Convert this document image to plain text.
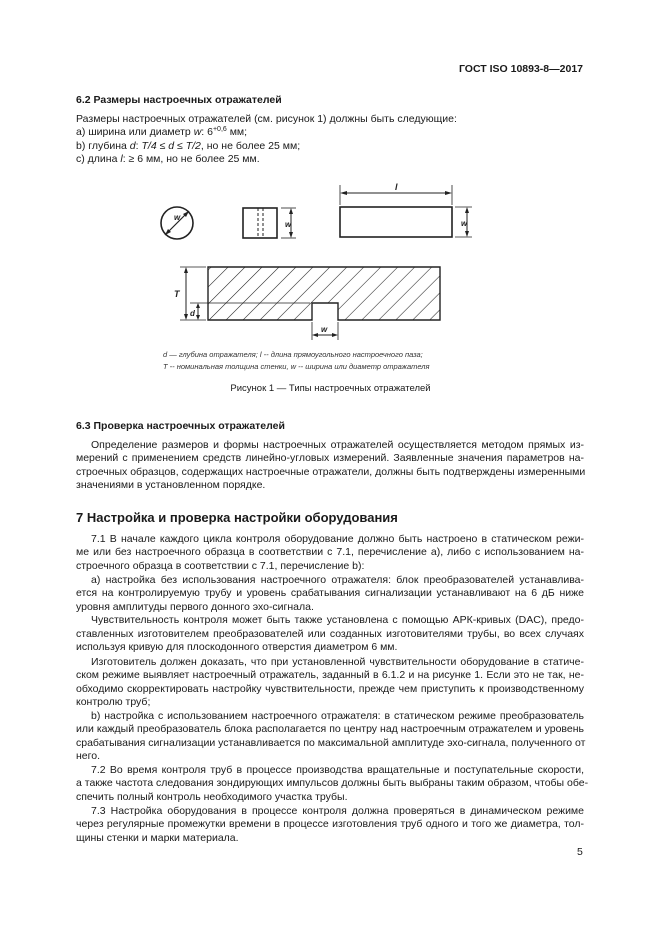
ГОСТ ISO 10893-8—2017
6.2 Размеры настроечных отражателей
Размеры настроечных отражателей (см. рисунок 1) должны быть следующие:
а) ширина или диаметр w: $6^{+0,6}$ мм;
b) глубина d: T/4 ≤ d ≤ T/2, но не более 25 мм;
с) длина l: ≥ 6 мм, но не более 25 мм.
w
w
l
w
T
d
w
d — глубина отражателя; l -- длина прямоугольного настроечного паза;
T -- номинальная толщина стенки, w -- ширина или диаметр отражателя
Рисунок 1 — Типы настроечных отражателей
6.3 Проверка настроечных отражателей
Определение размеров и формы настроечных отражателей осуществляется методом прямых из-
мерений с применением средств линейно-угловых измерений. Заявленные значения параметров на-
строечных образцов, содержащих настроечные отражатели, должны быть подтверждены измеренными
значениями в установленном порядке.
7 Настройка и проверка настройки оборудования
7.1 В начале каждого цикла контроля оборудование должно быть настроено в статическом режи-
ме или без настроечного образца в соответствии с 7.1, перечисление а), либо с использованием на-
строечного образца в соответствии с 7.1, перечисление b):
а) настройка без использования настроечного отражателя: блок преобразователей устанавлива-
ется на контролируемую трубу и уровень срабатывания сигнализации устанавливают на 6 дБ ниже
уровня амплитуды первого донного эхо-сигнала.
Чувствительность контроля может быть также установлена с помощью АРК-кривых (DAC), предо-
ставленных изготовителем преобразователей или созданных изготовителями трубы, во всех случаях
используя кривую для плоскодонного отверстия диаметром 6 мм.
Изготовитель должен доказать, что при установленной чувствительности оборудование в статиче-
ском режиме выявляет настроечный отражатель, заданный в 6.1.2 и на рисунке 1. Если это не так, не-
обходимо скорректировать настройку чувствительности, прежде чем приступить к производственному
контролю труб;
b) настройка с использованием настроечного отражателя: в статическом режиме преобразователь
или каждый преобразователь блока располагается по центру над настроечным отражателем и уровень
срабатывания сигнализации устанавливается по максимальной амплитуде эхо-сигнала, полученного от
него.
7.2 Во время контроля труб в процессе производства вращательные и поступательные скорости,
а также частота следования зондирующих импульсов должны быть выбраны таким образом, чтобы обе-
спечить полный контроль необходимого участка трубы.
7.3 Настройка оборудования в процессе контроля должна проверяться в динамическом режиме
через регулярные промежутки времени в процессе изготовления труб одного и того же диаметра, тол-
щины стенки и марки материала.
5
